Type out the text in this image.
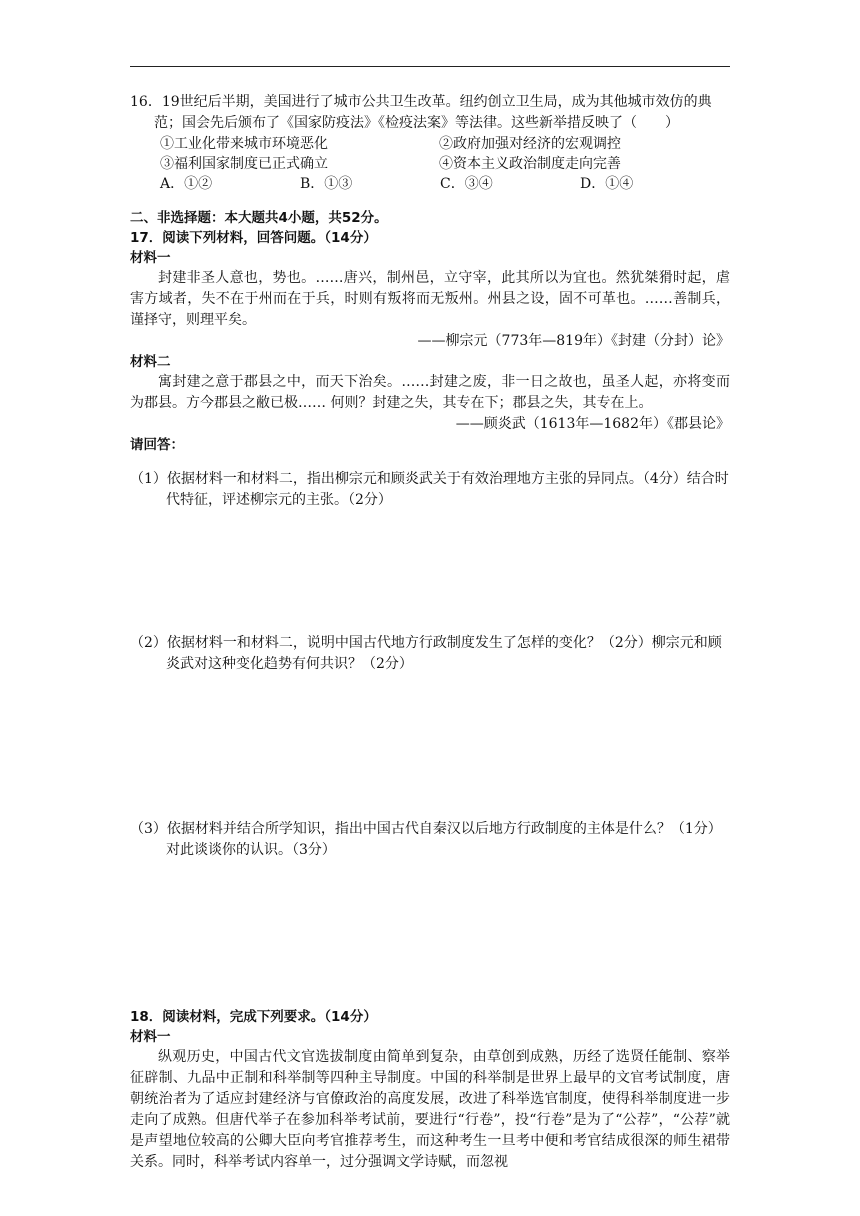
16．19世纪后半期，美国进行了城市公共卫生改革。纽约创立卫生局，成为其他城市效仿的典范；国会先后颁布了《国家防疫法》《检疫法案》等法律。这些新举措反映了（　　）

①工业化带来城市环境恶化	②政府加强对经济的宏观调控
③福利国家制度已正式确立	④资本主义政治制度走向完善
A．①②	B．①③	C．③④	D．①④

二、非选择题：本大题共4小题，共52分。

17．阅读下列材料，回答问题。（14分）

材料一

封建非圣人意也，势也。……唐兴，制州邑，立守宰，此其所以为宜也。然犹桀猾时起，虐害方域者，失不在于州而在于兵，时则有叛将而无叛州。州县之设，固不可革也。……善制兵，谨择守，则理平矣。

——柳宗元（773年—819年）《封建（分封）论》

材料二

寓封建之意于郡县之中，而天下治矣。……封建之废，非一日之故也，虽圣人起，亦将变而为郡县。方今郡县之敝已极…… 何则？封建之失，其专在下；郡县之失，其专在上。

——顾炎武（1613年—1682年）《郡县论》

请回答：

（1）依据材料一和材料二，指出柳宗元和顾炎武关于有效治理地方主张的异同点。（4分）结合时代特征，评述柳宗元的主张。（2分）

（2）依据材料一和材料二，说明中国古代地方行政制度发生了怎样的变化？（2分）柳宗元和顾炎武对这种变化趋势有何共识？（2分）

（3）依据材料并结合所学知识，指出中国古代自秦汉以后地方行政制度的主体是什么？（1分）对此谈谈你的认识。（3分）

18．阅读材料，完成下列要求。（14分）

材料一

纵观历史，中国古代文官选拔制度由简单到复杂，由草创到成熟，历经了选贤任能制、察举征辟制、九品中正制和科举制等四种主导制度。中国的科举制是世界上最早的文官考试制度，唐朝统治者为了适应封建经济与官僚政治的高度发展，改进了科举选官制度，使得科举制度进一步走向了成熟。但唐代举子在参加科举考试前，要进行“行卷”，投“行卷”是为了“公荐”，“公荐”就是声望地位较高的公卿大臣向考官推荐考生，而这种考生一旦考中便和考官结成很深的师生裙带关系。同时，科举考试内容单一，过分强调文学诗赋，而忽视
